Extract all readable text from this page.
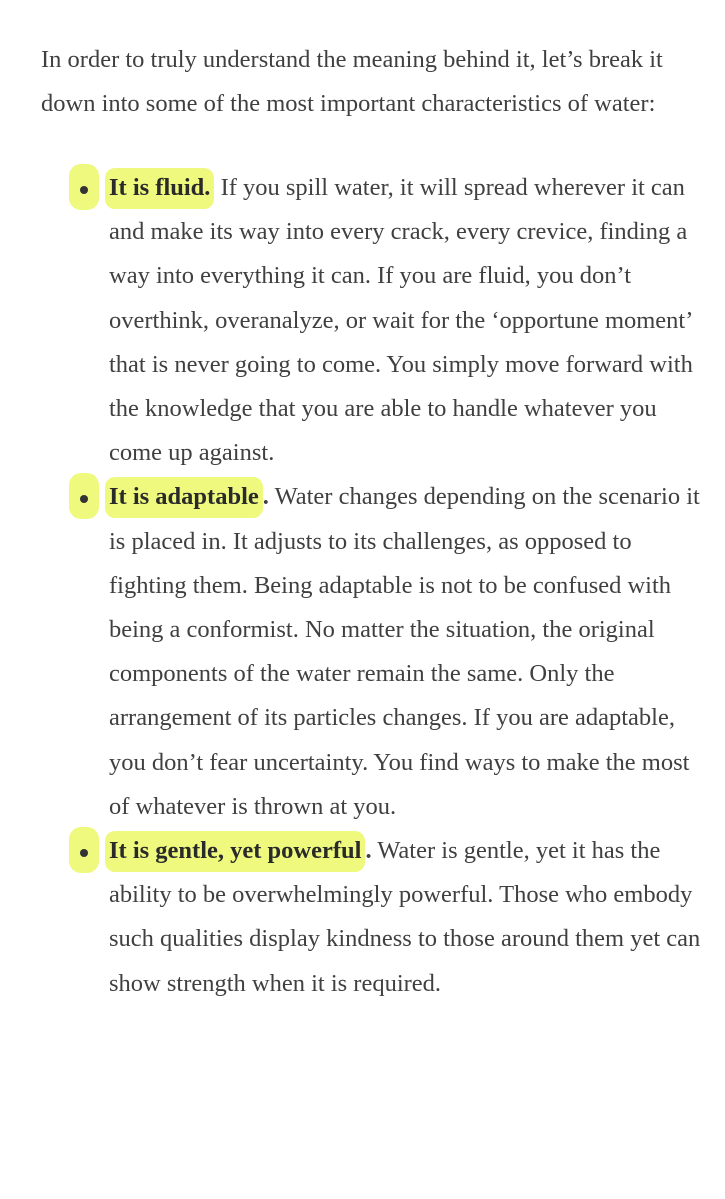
In order to truly understand the meaning behind it, let’s break it down into some of the most important characteristics of water:

It is fluid. If you spill water, it will spread wherever it can and make its way into every crack, every crevice, finding a way into everything it can. If you are fluid, you don’t overthink, overanalyze, or wait for the ‘opportune moment’ that is never going to come. You simply move forward with the knowledge that you are able to handle whatever you come up against.
It is adaptable . Water changes depending on the scenario it is placed in. It adjusts to its challenges, as opposed to fighting them. Being adaptable is not to be confused with being a conformist. No matter the situation, the original components of the water remain the same. Only the arrangement of its particles changes. If you are adaptable, you don’t fear uncertainty. You find ways to make the most of whatever is thrown at you.
It is gentle, yet powerful . Water is gentle, yet it has the ability to be overwhelmingly powerful. Those who embody such qualities display kindness to those around them yet can show strength when it is required.
